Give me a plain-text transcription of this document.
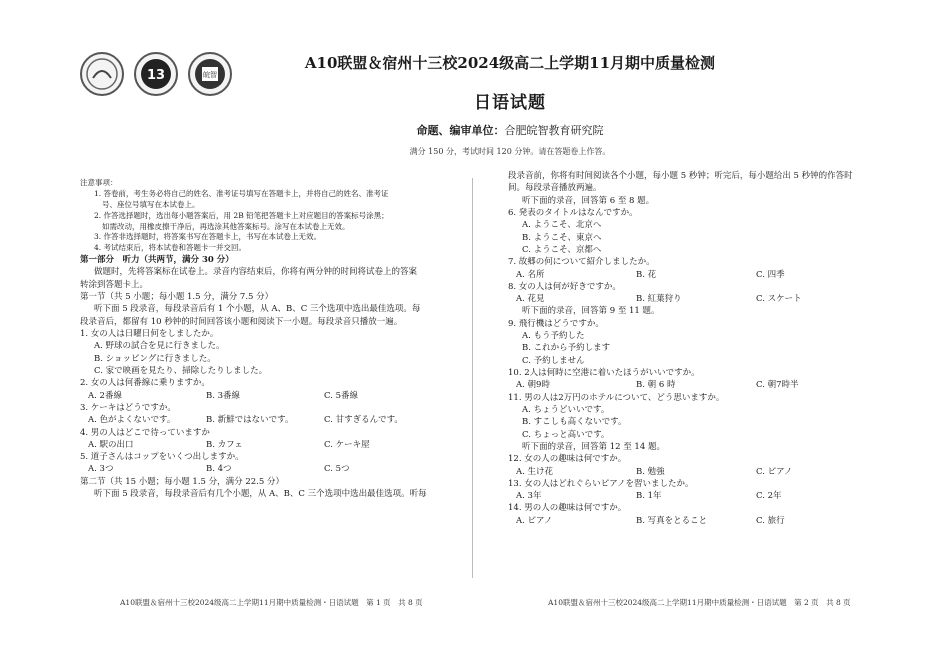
13	皖智
A10联盟＆宿州十三校2024级高二上学期11月期中质量检测
日语试题
命题、编审单位：合肥皖智教育研究院
满分 150 分，考试时间 120 分钟。请在答题卷上作答。
注意事项：
1. 答卷前，考生务必将自己的姓名、准考证号填写在答题卡上，并将自己的姓名、准考证
号、座位号填写在本试卷上。
2. 作答选择题时，选出每小题答案后，用 2B 铅笔把答题卡上对应题目的答案标号涂黑；
如需改动，用橡皮擦干净后，再选涂其他答案标号。涂写在本试卷上无效。
3. 作答非选择题时，将答案书写在答题卡上，书写在本试卷上无效。
4. 考试结束后，将本试卷和答题卡一并交回。
第一部分　听力（共两节，满分 30 分）
做题时，先将答案标在试卷上。录音内容结束后，你将有两分钟的时间将试卷上的答案
转涂到答题卡上。
第一节（共 5 小题；每小题 1.5 分，满分 7.5 分）
听下面 5 段录音，每段录音后有 1 个小题，从 A、B、C 三个选项中选出最佳选项。每
段录音后，都留有 10 秒钟的时间回答该小题和阅读下一小题。每段录音只播放一遍。
1. 女の人は日曜日何をしましたか。
A. 野球の試合を見に行きました。
B. ショッピングに行きました。
C. 家で映画を見たり、掃除したりしました。
2. 女の人は何番線に乗りますか。
A. 2番線	B. 3番線	C. 5番線
3. ケーキはどうですか。
A. 色がよくないです。	B. 新鮮ではないです。	C. 甘すぎるんです。
4. 男の人はどこで待っていますか
A. 駅の出口	B. カフェ	C. ケーキ屋
5. 道子さんはコップをいくつ出しますか。
A. 3つ	B. 4つ	C. 5つ
第二节（共 15 小题；每小题 1.5 分，满分 22.5 分）
听下面 5 段录音，每段录音后有几个小题，从 A、B、C 三个选项中选出最佳选项。听每
段录音前，你将有时间阅读各个小题，每小题 5 秒钟；听完后，每小题给出 5 秒钟的作答时
间。每段录音播放两遍。
听下面的录音，回答第 6 至 8 题。
6. 発表のタイトルはなんですか。
A. ようこそ、北京へ
B. ようこそ、東京へ
C. ようこそ、京都へ
7. 故郷の何について紹介しましたか。
A. 名所	B. 花	C. 四季
8. 女の人は何が好きですか。
A. 花見	B. 紅葉狩り	C. スケート
听下面的录音，回答第 9 至 11 题。
9. 飛行機はどうですか。
A. もう予約した
B. これから予約します
C. 予約しません
10. 2人は何時に空港に着いたほうがいいですか。
A. 朝9時	B. 朝 6 時	C. 朝7時半
11. 男の人は2万円のホテルについて、どう思いますか。
A. ちょうどいいです。
B. すこしも高くないです。
C. ちょっと高いです。
听下面的录音，回答第 12 至 14 题。
12. 女の人の趣味は何ですか。
A. 生け花	B. 勉強	C. ピアノ
13. 女の人はどれぐらいピアノを習いましたか。
A. 3年	B. 1年	C. 2年
14. 男の人の趣味は何ですか。
A. ピアノ	B. 写真をとること	C. 旅行
A10联盟＆宿州十三校2024级高二上学期11月期中质量检测・日语试题　第 1 页　共 8 页	A10联盟＆宿州十三校2024级高二上学期11月期中质量检测・日语试题　第 2 页　共 8 页
